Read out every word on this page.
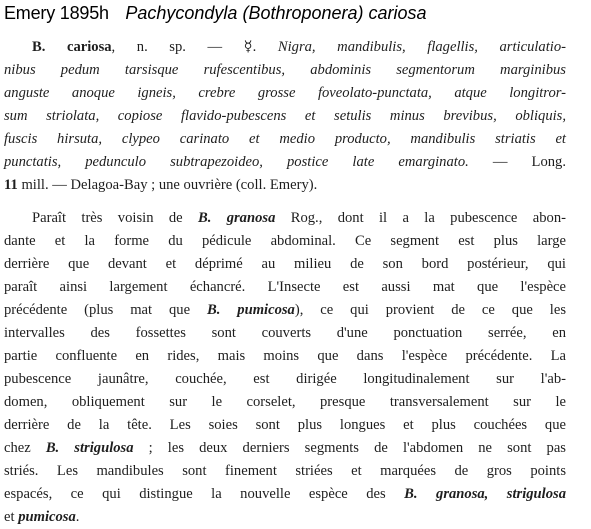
Emery 1895h Pachycondyla (Bothroponera) cariosa
B. cariosa, n. sp. — ☿. Nigra, mandibulis, flagellis, articulatio-
nibus pedum tarsisque rufescentibus, abdominis segmentorum marginibus
anguste anoque igneis, crebre grosse foveolato-punctata, atque longitror-
sum striolata, copiose flavido-pubescens et setulis minus brevibus, obliquis,
fuscis hirsuta, clypeo carinato et medio producto, mandibulis striatis et
punctatis, pedunculo subtrapezoideo, postice late emarginato. — Long.
11 mill. — Delagoa-Bay ; une ouvrière (coll. Emery).
Paraît très voisin de B. granosa Rog., dont il a la pubescence abon-
dante et la forme du pédicule abdominal. Ce segment est plus large
derrière que devant et déprimé au milieu de son bord postérieur, qui
paraît ainsi largement échancré. L'Insecte est aussi mat que l'espèce
précédente (plus mat que B. pumicosa), ce qui provient de ce que les
intervalles des fossettes sont couverts d'une ponctuation serrée, en
partie confluente en rides, mais moins que dans l'espèce précédente. La
pubescence jaunâtre, couchée, est dirigée longitudinalement sur l'ab-
domen, obliquement sur le corselet, presque transversalement sur le
derrière de la tête. Les soies sont plus longues et plus couchées que
chez B. strigulosa ; les deux derniers segments de l'abdomen ne sont pas
striés. Les mandibules sont finement striées et marquées de gros points
espacés, ce qui distingue la nouvelle espèce des B. granosa, strigulosa
et pumicosa.
